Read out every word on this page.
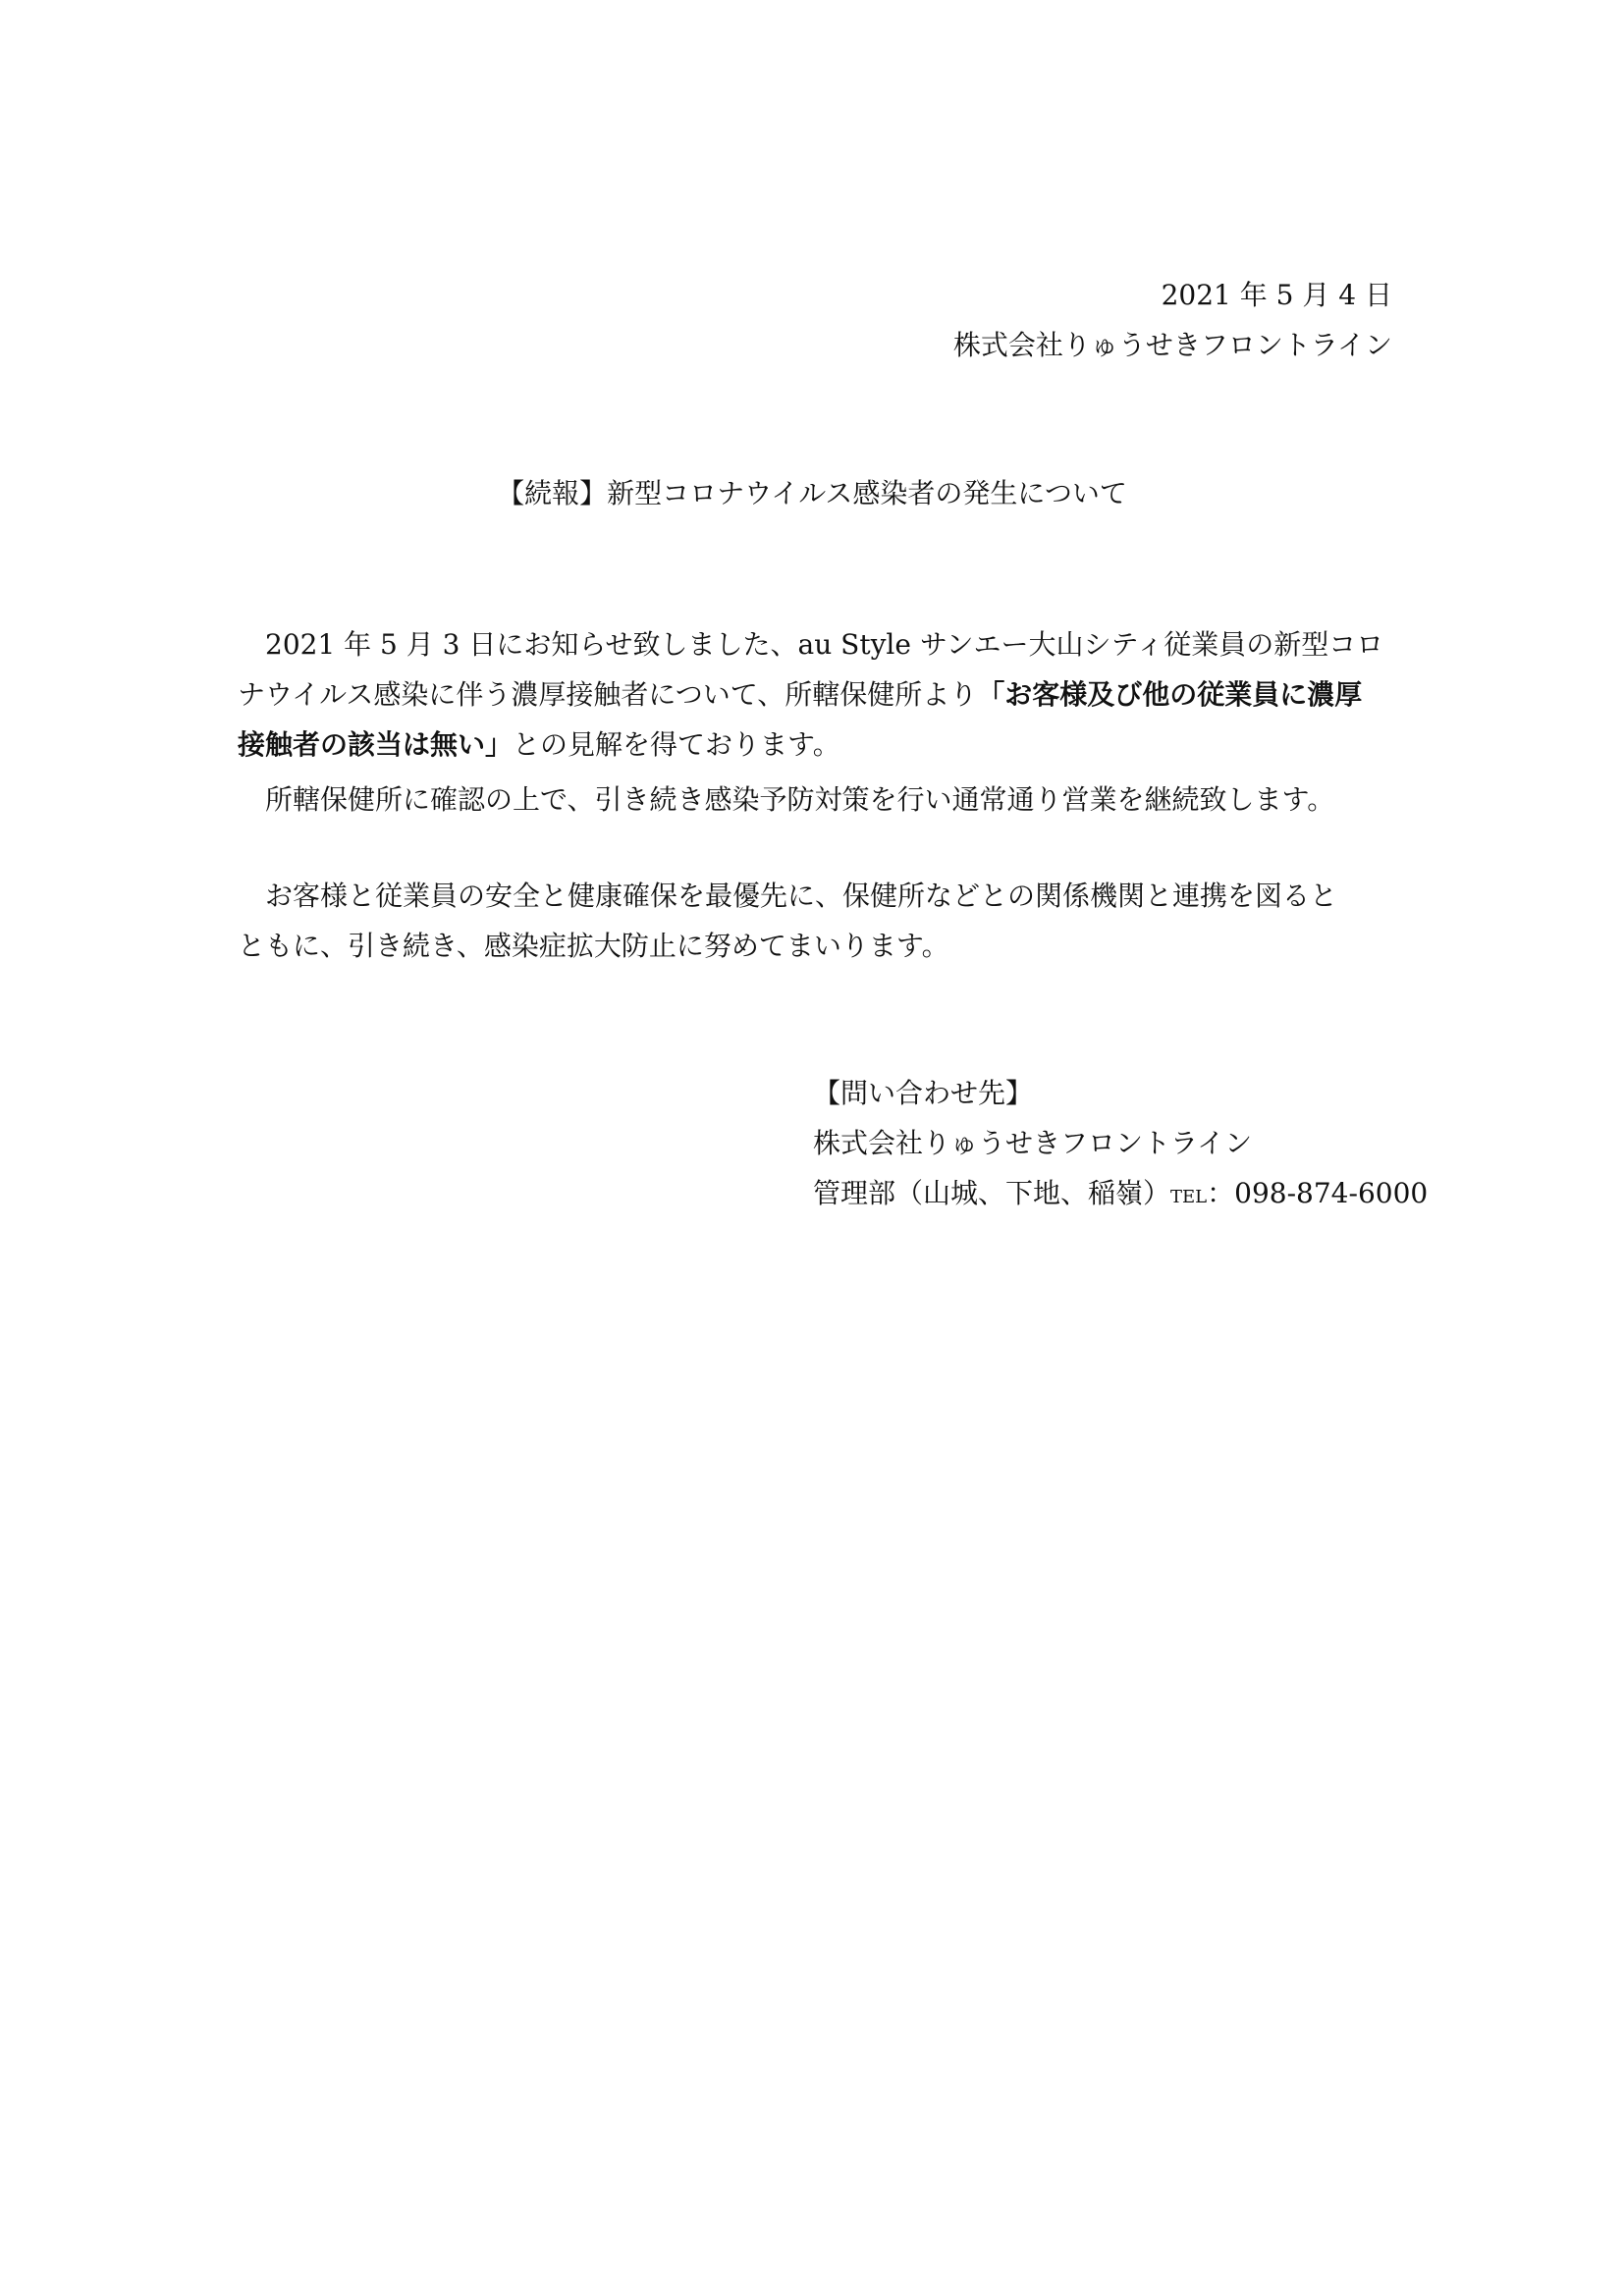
2021 年 5 月 4 日
株式会社りゅうせきフロントライン
【続報】新型コロナウイルス感染者の発生について
2021 年 5 月 3 日にお知らせ致しました、au Style サンエー大山シティ従業員の新型コロ
ナウイルス感染に伴う濃厚接触者について、所轄保健所より「お客様及び他の従業員に濃厚
接触者の該当は無い」との見解を得ております。
所轄保健所に確認の上で、引き続き感染予防対策を行い通常通り営業を継続致します。
お客様と従業員の安全と健康確保を最優先に、保健所などとの関係機関と連携を図ると
ともに、引き続き、感染症拡大防止に努めてまいります。
【問い合わせ先】
株式会社りゅうせきフロントライン
管理部（山城、下地、稲嶺）TEL：098-874-6000
